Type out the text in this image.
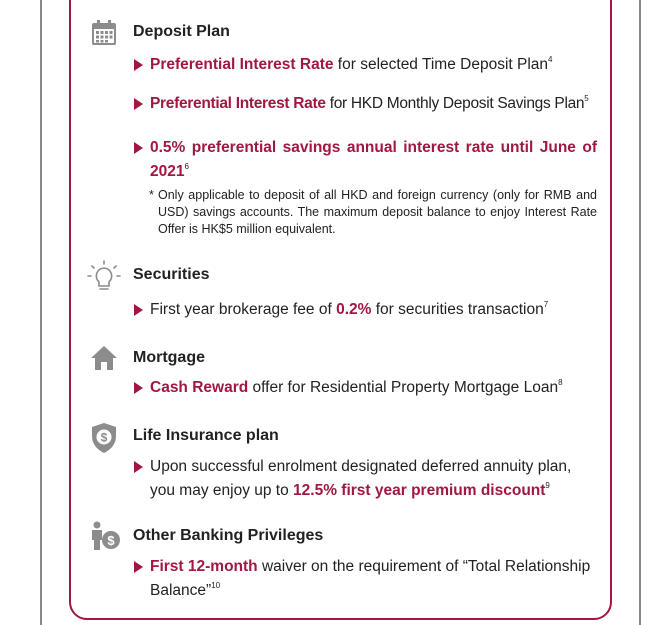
Deposit Plan
Preferential Interest Rate for selected Time Deposit Plan$^4$
Preferential Interest Rate for HKD Monthly Deposit Savings Plan$^5$
0.5% preferential savings annual interest rate until June of 2021$^6$
* Only applicable to deposit of all HKD and foreign currency (only for RMB and USD) savings accounts. The maximum deposit balance to enjoy Interest Rate Offer is HK$5 million equivalent.
Securities
First year brokerage fee of 0.2% for securities transaction$^7$
Mortgage
Cash Reward offer for Residential Property Mortgage Loan$^8$
$ Life Insurance plan
Upon successful enrolment designated deferred annuity plan, you may enjoy up to 12.5% first year premium discount$^9$
$ Other Banking Privileges
First 12-month waiver on the requirement of “Total Relationship Balance”$^{10}$
